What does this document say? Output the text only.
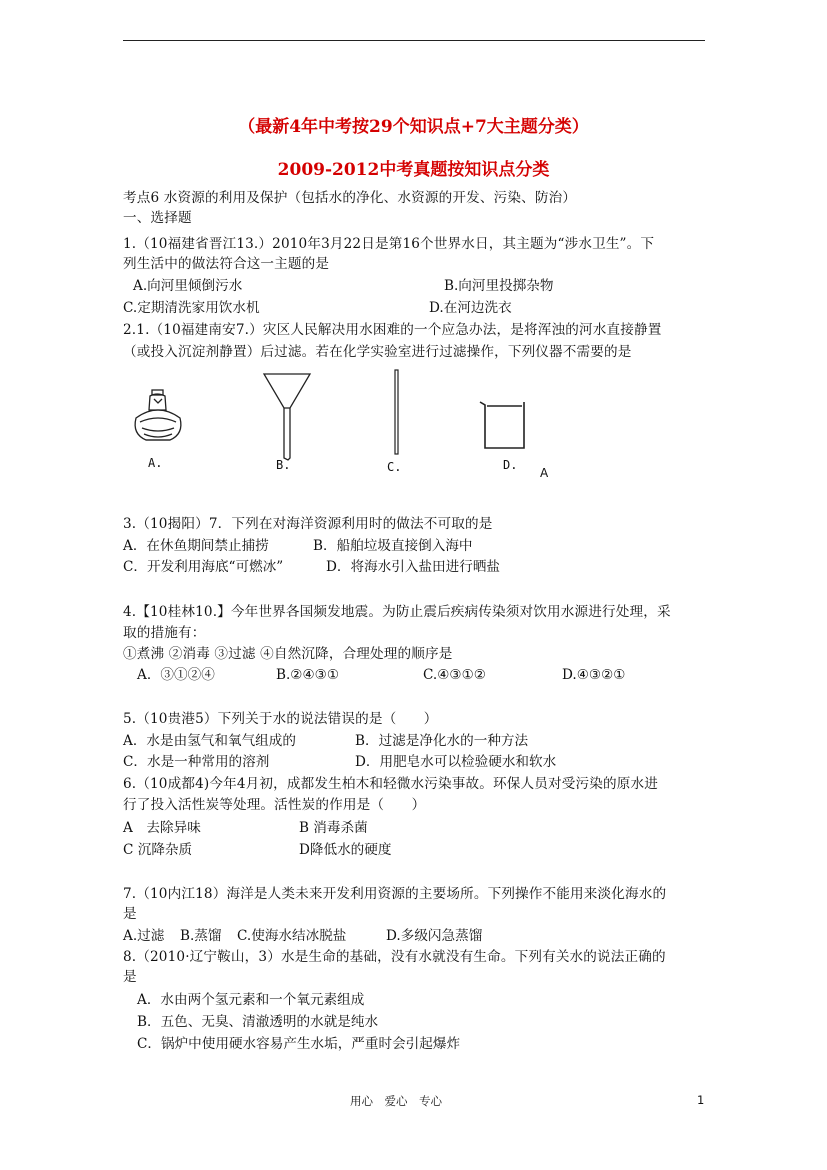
（最新4年中考按29个知识点+7大主题分类）
2009-2012中考真题按知识点分类
考点6 水资源的利用及保护（包括水的净化、水资源的开发、污染、防治）
一、选择题
1.（10福建省晋江13.）2010年3月22日是第16个世界水日，其主题为“涉水卫生”。下
列生活中的做法符合这一主题的是
A.向河里倾倒污水	B.向河里投掷杂物
C.定期清洗家用饮水机	D.在河边洗衣
2.1.（10福建南安7.）灾区人民解决用水困难的一个应急办法，是将浑浊的河水直接静置
（或投入沉淀剂静置）后过滤。若在化学实验室进行过滤操作，下列仪器不需要的是
A.	B.	C.	D.
A
3.（10揭阳）7．下列在对海洋资源利用时的做法不可取的是
A．在休鱼期间禁止捕捞	B．船舶垃圾直接倒入海中
C．开发利用海底“可燃冰”	D．将海水引入盐田进行晒盐
4.【10桂林10.】今年世界各国频发地震。为防止震后疾病传染须对饮用水源进行处理，采
取的措施有：
①煮沸 ②消毒 ③过滤 ④自然沉降，合理处理的顺序是
A．③①②④	B.②④③①	C.④③①②	D.④③②①
5.（10贵港5）下列关于水的说法错误的是（　　）
A．水是由氢气和氧气组成的	B．过滤是净化水的一种方法
C．水是一种常用的溶剂	D．用肥皂水可以检验硬水和软水
6.（10成都4)今年4月初，成都发生柏木和轻微水污染事故。环保人员对受污染的原水进
行了投入活性炭等处理。活性炭的作用是（　　）
A　去除异味	B 消毒杀菌
C 沉降杂质	D降低水的硬度
7.（10内江18）海洋是人类未来开发利用资源的主要场所。下列操作不能用来淡化海水的
是
A.过滤 B.蒸馏 C.使海水结冰脱盐	D.多级闪急蒸馏
8.（2010·辽宁鞍山，3）水是生命的基础，没有水就没有生命。下列有关水的说法正确的
是
A．水由两个氢元素和一个氧元素组成
B．五色、无臭、清澈透明的水就是纯水
C．锅炉中使用硬水容易产生水垢，严重时会引起爆炸
用心　爱心　专心	1
